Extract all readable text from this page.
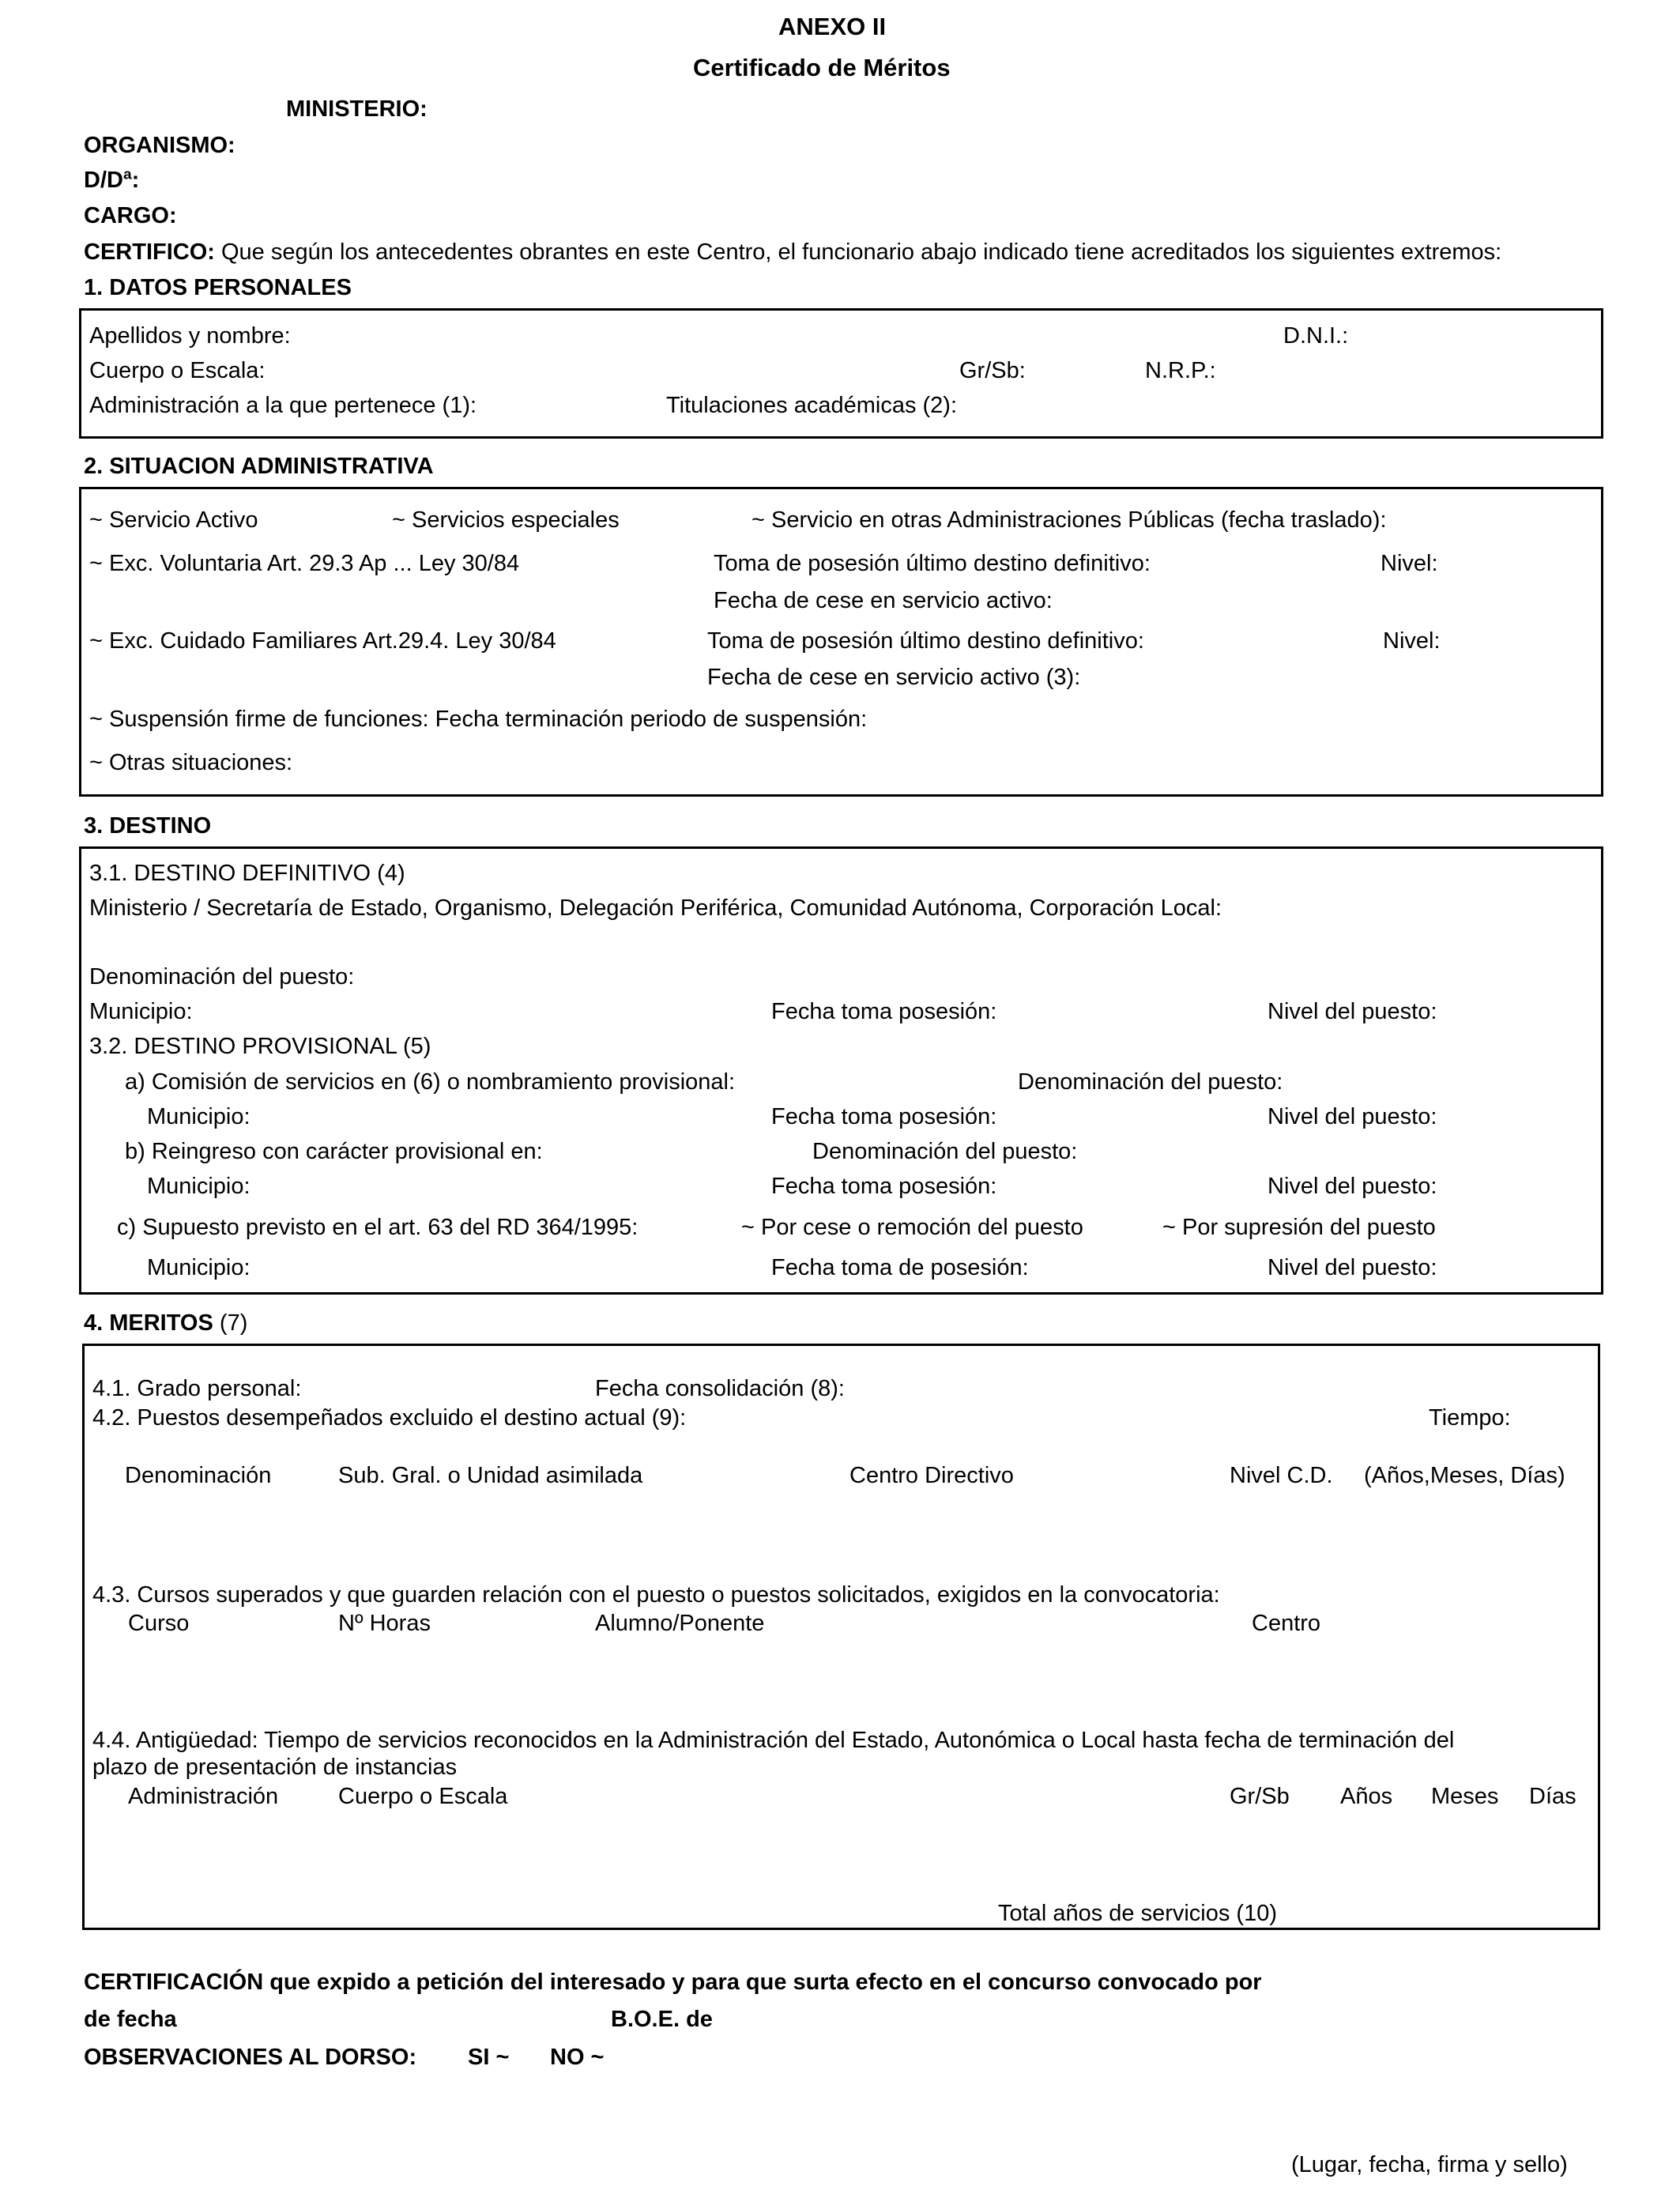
ANEXO II
Certificado de Méritos
MINISTERIO:
ORGANISMO:
D/Dª:
CARGO:
CERTIFICO: Que según los antecedentes obrantes en este Centro, el funcionario abajo indicado tiene acreditados los siguientes extremos:
1. DATOS PERSONALES
Apellidos y nombre:	D.N.I.:
Cuerpo o Escala:	Gr/Sb:	N.R.P.:
Administración a la que pertenece (1):	Titulaciones académicas (2):
2. SITUACION ADMINISTRATIVA
~ Servicio Activo	~ Servicios especiales	~ Servicio en otras Administraciones Públicas (fecha traslado):
~ Exc. Voluntaria Art. 29.3 Ap ... Ley 30/84	Toma de posesión último destino definitivo:	Nivel:
Fecha de cese en servicio activo:
~ Exc. Cuidado Familiares Art.29.4. Ley 30/84	Toma de posesión último destino definitivo:	Nivel:
Fecha de cese en servicio activo (3):
~ Suspensión firme de funciones: Fecha terminación periodo de suspensión:
~ Otras situaciones:
3. DESTINO
3.1. DESTINO DEFINITIVO (4)
Ministerio / Secretaría de Estado, Organismo, Delegación Periférica, Comunidad Autónoma, Corporación Local:
Denominación del puesto:
Municipio:	Fecha toma posesión:	Nivel del puesto:
3.2. DESTINO PROVISIONAL (5)
a) Comisión de servicios en (6) o nombramiento provisional:	Denominación del puesto:
Municipio:	Fecha toma posesión:	Nivel del puesto:
b) Reingreso con carácter provisional en:	Denominación del puesto:
Municipio:	Fecha toma posesión:	Nivel del puesto:
c) Supuesto previsto en el art. 63 del RD 364/1995:	~ Por cese o remoción del puesto	~ Por supresión del puesto
Municipio:	Fecha toma de posesión:	Nivel del puesto:
4. MERITOS (7)
4.1. Grado personal:	Fecha consolidación (8):
4.2. Puestos desempeñados excluido el destino actual (9):	Tiempo:
Denominación	Sub. Gral. o Unidad asimilada	Centro Directivo	Nivel C.D. (Años,Meses, Días)
4.3. Cursos superados y que guarden relación con el puesto o puestos solicitados, exigidos en la convocatoria:
Curso	Nº Horas	Alumno/Ponente	Centro
4.4. Antigüedad: Tiempo de servicios reconocidos en la Administración del Estado, Autonómica o Local hasta fecha de terminación del
plazo de presentación de instancias
Administración	Cuerpo o Escala	Gr/Sb Años Meses Días
Total años de servicios (10)
CERTIFICACIÓN que expido a petición del interesado y para que surta efecto en el concurso convocado por
de fecha	B.O.E. de
OBSERVACIONES AL DORSO: SI ~ NO ~
(Lugar, fecha, firma y sello)
